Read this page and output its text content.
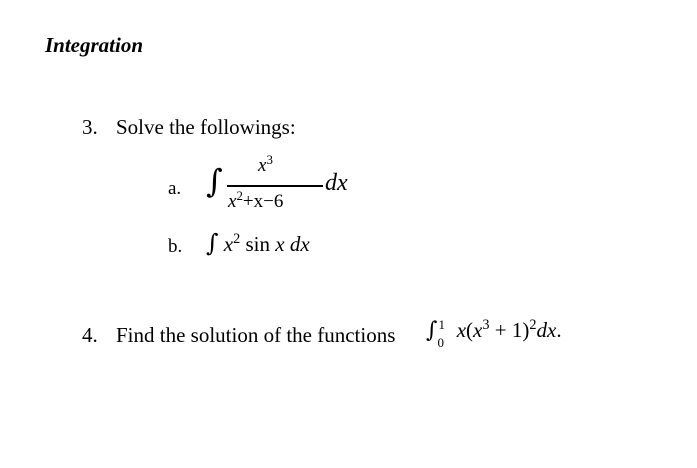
Integration
3. Solve the followings:
a. ∫ $x^3$
$x^2+x-6$
dx
b. ∫ $x^2$ sin x dx
4. Find the solution of the functions ∫ 1
0
$x(x^3 + 1)^2dx$.
